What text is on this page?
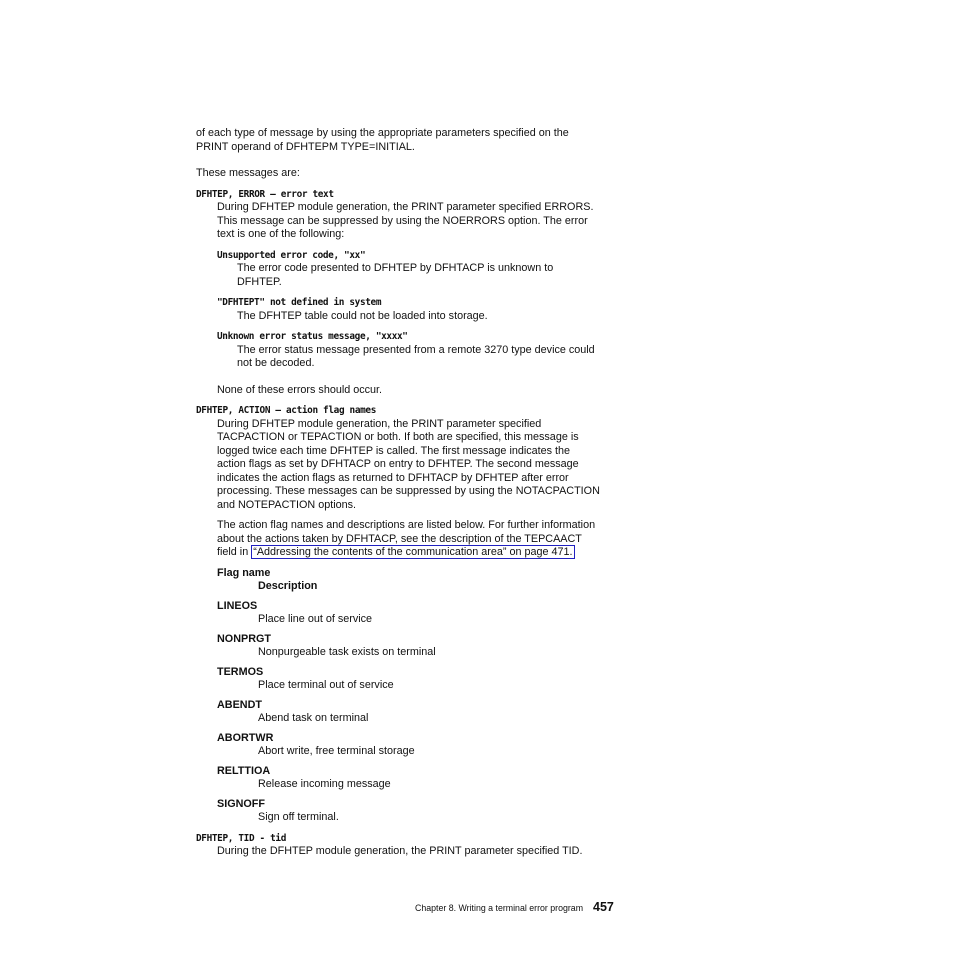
of each type of message by using the appropriate parameters specified on the

PRINT operand of DFHTEPM TYPE=INITIAL.

These messages are:

DFHTEP, ERROR – error text

During DFHTEP module generation, the PRINT parameter specified ERRORS.

This message can be suppressed by using the NOERRORS option. The error

text is one of the following:

Unsupported error code, "xx"

The error code presented to DFHTEP by DFHTACP is unknown to

DFHTEP.

"DFHTEPT" not defined in system

The DFHTEP table could not be loaded into storage.

Unknown error status message, "xxxx"

The error status message presented from a remote 3270 type device could

not be decoded.

None of these errors should occur.

DFHTEP, ACTION – action flag names

During DFHTEP module generation, the PRINT parameter specified

TACPACTION or TEPACTION or both. If both are specified, this message is

logged twice each time DFHTEP is called. The first message indicates the

action flags as set by DFHTACP on entry to DFHTEP. The second message

indicates the action flags as returned to DFHTACP by DFHTEP after error

processing. These messages can be suppressed by using the NOTACPACTION

and NOTEPACTION options.

The action flag names and descriptions are listed below. For further information

about the actions taken by DFHTACP, see the description of the TEPCAACT

field in “Addressing the contents of the communication area” on page 471.

Flag name

Description

LINEOS

Place line out of service

NONPRGT

Nonpurgeable task exists on terminal

TERMOS

Place terminal out of service

ABENDT

Abend task on terminal

ABORTWR

Abort write, free terminal storage

RELTTIOA

Release incoming message

SIGNOFF

Sign off terminal.

DFHTEP, TID - tid

During the DFHTEP module generation, the PRINT parameter specified TID.

Chapter 8. Writing a terminal error program 457
